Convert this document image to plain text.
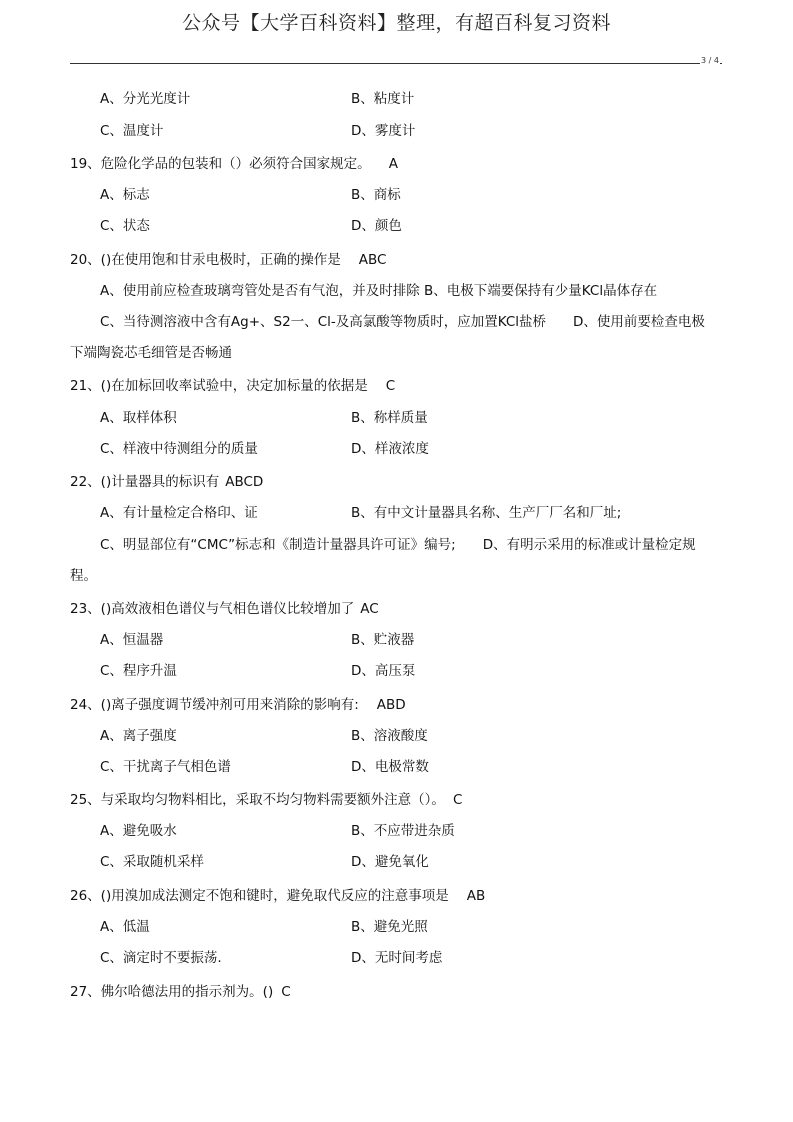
公众号【大学百科资料】整理，有超百科复习资料
3 / 4
A、分光光度计	B、粘度计
C、温度计	D、雾度计
19、危险化学品的包装和（）必须符合国家规定。 A
A、标志	B、商标
C、状态	D、颜色
20、()在使用饱和甘汞电极时，正确的操作是 ABC
A、使用前应检查玻璃弯管处是否有气泡，并及时排除 B、电极下端要保持有少量KCl晶体存在
C、当待测溶液中含有Ag+、S2一、Cl-及高氯酸等物质时，应加置KCl盐桥　　D、使用前要检查电极
下端陶瓷芯毛细管是否畅通
21、()在加标回收率试验中，决定加标量的依据是 C
A、取样体积	B、称样质量
C、样液中待测组分的质量	D、样液浓度
22、()计量器具的标识有 ABCD
A、有计量检定合格印、证	B、有中文计量器具名称、生产厂厂名和厂址;
C、明显部位有“CMC”标志和《制造计量器具许可证》编号;　　D、有明示采用的标准或计量检定规
程。
23、()高效液相色谱仪与气相色谱仪比较增加了 AC
A、恒温器	B、贮液器
C、程序升温	D、高压泵
24、()离子强度调节缓冲剂可用来消除的影响有: ABD
A、离子强度	B、溶液酸度
C、干扰离子气相色谱	D、电极常数
25、与采取均匀物料相比，采取不均匀物料需要额外注意（）。 C
A、避免吸水	B、不应带进杂质
C、采取随机采样	D、避免氧化
26、()用溴加成法测定不饱和键时，避免取代反应的注意事项是 AB
A、低温	B、避免光照
C、滴定时不要振荡.	D、无时间考虑
27、佛尔哈德法用的指示剂为。() C
